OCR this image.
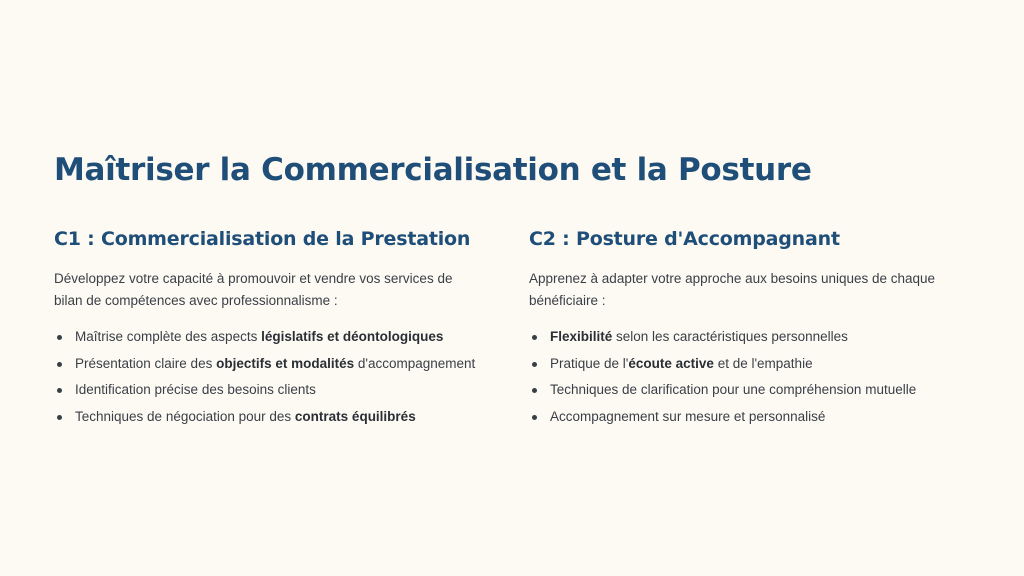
Maîtriser la Commercialisation et la Posture
C1 : Commercialisation de la Prestation

Développez votre capacité à promouvoir et vendre vos services de bilan de compétences avec professionnalisme :

Maîtrise complète des aspects législatifs et déontologiques
Présentation claire des objectifs et modalités d'accompagnement
Identification précise des besoins clients
Techniques de négociation pour des contrats équilibrés
C2 : Posture d'Accompagnant

Apprenez à adapter votre approche aux besoins uniques de chaque bénéficiaire :

Flexibilité selon les caractéristiques personnelles
Pratique de l'écoute active et de l'empathie
Techniques de clarification pour une compréhension mutuelle
Accompagnement sur mesure et personnalisé
